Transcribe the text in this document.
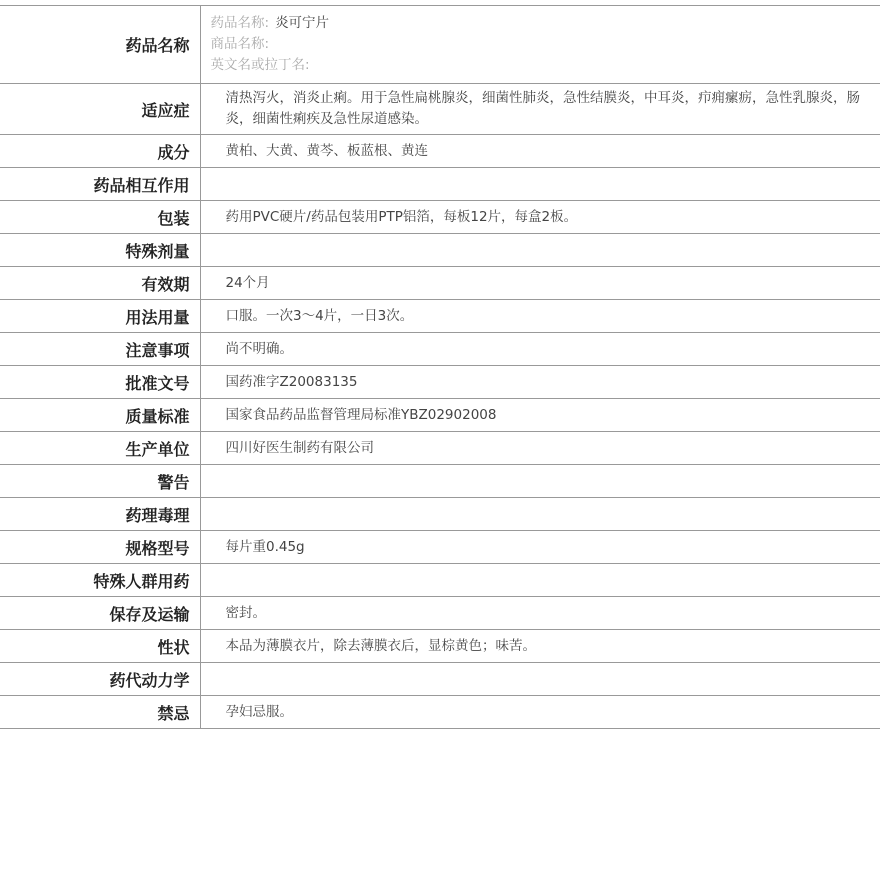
药品名称	药品名称: 炎可宁片
商品名称:
英文名或拉丁名:

适应症	清热泻火，消炎止痢。用于急性扁桃腺炎，细菌性肺炎，急性结膜炎，中耳炎，疖痈瘰疬，急性乳腺炎，肠炎，细菌性痢疾及急性尿道感染。

成分	黄柏、大黄、黄芩、板蓝根、黄连
药品相互作用	
包装	药用PVC硬片/药品包装用PTP铝箔，每板12片，每盒2板。
特殊剂量	
有效期	24个月
用法用量	口服。一次3～4片，一日3次。
注意事项	尚不明确。
批准文号	国药准字Z20083135
质量标准	国家食品药品监督管理局标准YBZ02902008
生产单位	四川好医生制药有限公司
警告	
药理毒理	
规格型号	每片重0.45g
特殊人群用药	
保存及运输	密封。
性状	本品为薄膜衣片，除去薄膜衣后，显棕黄色；味苦。
药代动力学	
禁忌	孕妇忌服。
